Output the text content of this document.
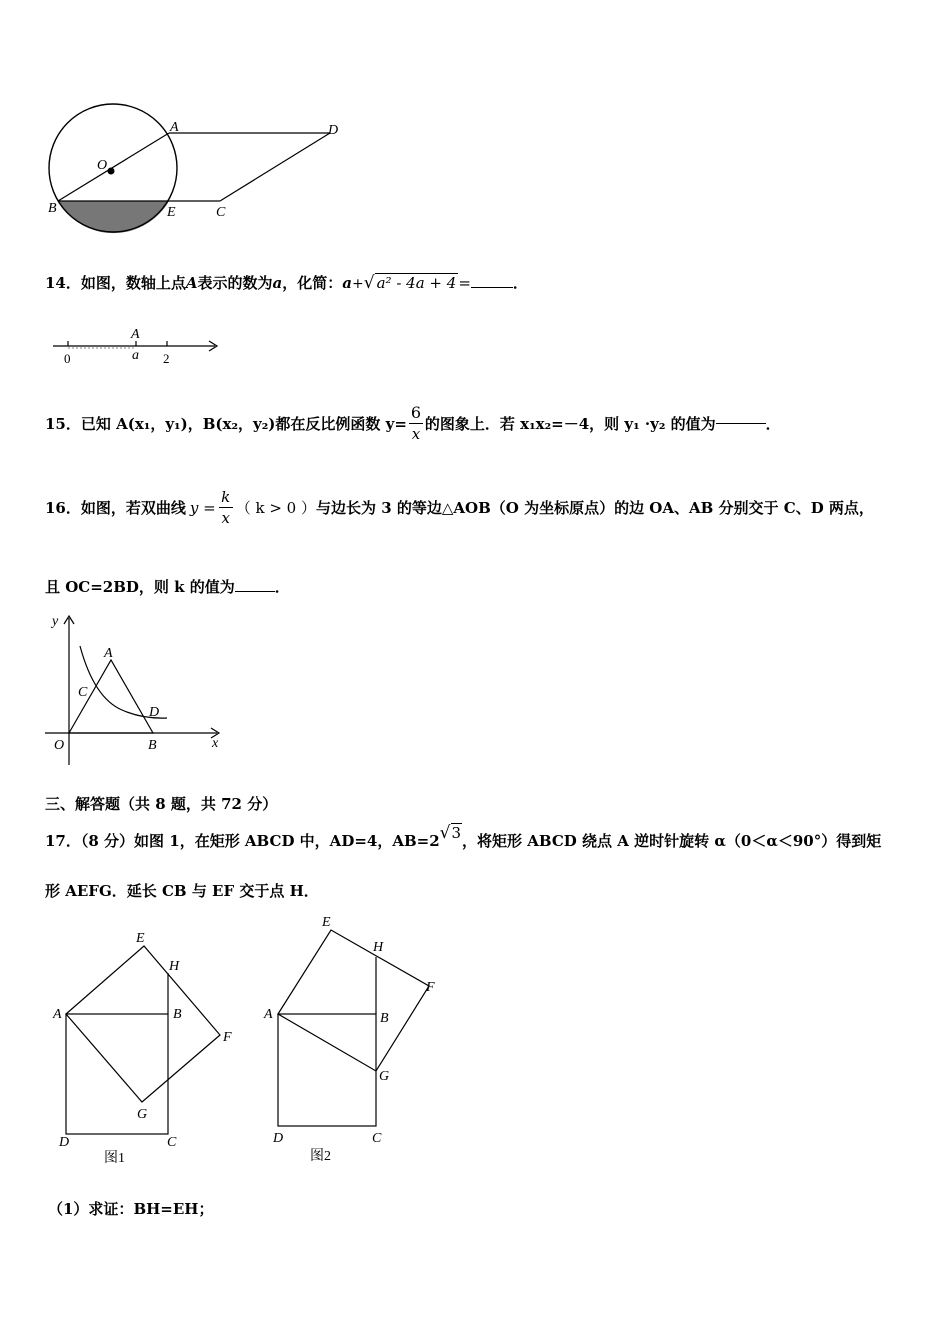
A	D
O
B	E	C
14．如图，数轴上点A表示的数为a，化简：a+√ a² - 4a + 4 =	．
A
0	a 2
15．已知 A(x₁，y₁)，B(x₂，y₂)都在反比例函数 $y= \frac{6}{x}$ 的图象上．若 x₁x₂=－4，则 y₁ ·y₂ 的值为	．
16．如图，若双曲线 $y = \frac{k}{x}$ （ k > 0 ）与边长为 3 的等边△AOB（O 为坐标原点）的边 OA、AB 分别交于 C、D 两点，
且 OC=2BD，则 k 的值为	．
y
x
A
C
D
O	B
三、解答题（共 8 题，共 72 分）
17．（8 分）如图 1，在矩形 ABCD 中，AD=4，AB=2√3，将矩形 ABCD 绕点 A 逆时针旋转 α（0＜α＜90°）得到矩
形 AEFG．延长 CB 与 EF 交于点 H．
E
H
A	B
F
G
D	C
图1
E
H
F
A	B
G
D	C
图2
（1）求证：BH=EH；
